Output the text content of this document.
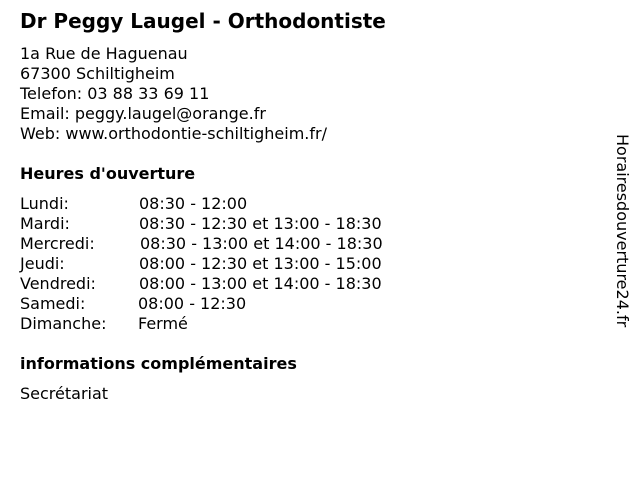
Dr Peggy Laugel - Orthodontiste
1a Rue de Haguenau
67300 Schiltigheim
Telefon: 03 88 33 69 11
Email: peggy.laugel@orange.fr
Web: www.orthodontie-schiltigheim.fr/
Heures d'ouverture
Lundi:	08:30 - 12:00
Mardi:	08:30 - 12:30 et 13:00 - 18:30
Mercredi:	08:30 - 13:00 et 14:00 - 18:30
Jeudi:	08:00 - 12:30 et 13:00 - 15:00
Vendredi:	08:00 - 13:00 et 14:00 - 18:30
Samedi:	08:00 - 12:30
Dimanche: Fermé
informations complémentaires
Secrétariat
Horairesdouverture24.fr
